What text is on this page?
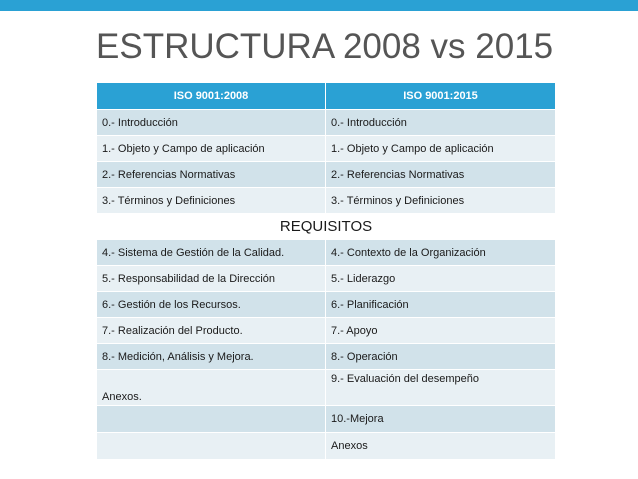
ESTRUCTURA 2008 vs 2015
ISO 9001:2008	ISO 9001:2015
0.- Introducción	0.- Introducción
1.- Objeto y Campo de aplicación	1.- Objeto y Campo de aplicación
2.- Referencias Normativas	2.- Referencias Normativas
3.- Términos y Definiciones	3.- Términos y Definiciones
REQUISITOS	
4.- Sistema de Gestión de la Calidad.	4.- Contexto de la Organización
5.- Responsabilidad de la Dirección	5.- Liderazgo
6.- Gestión de los Recursos.	6.- Planificación
7.- Realización del Producto.	7.- Apoyo
8.- Medición, Análisis y Mejora.	8.- Operación
Anexos.	9.- Evaluación del desempeño
	10.-Mejora
	Anexos
